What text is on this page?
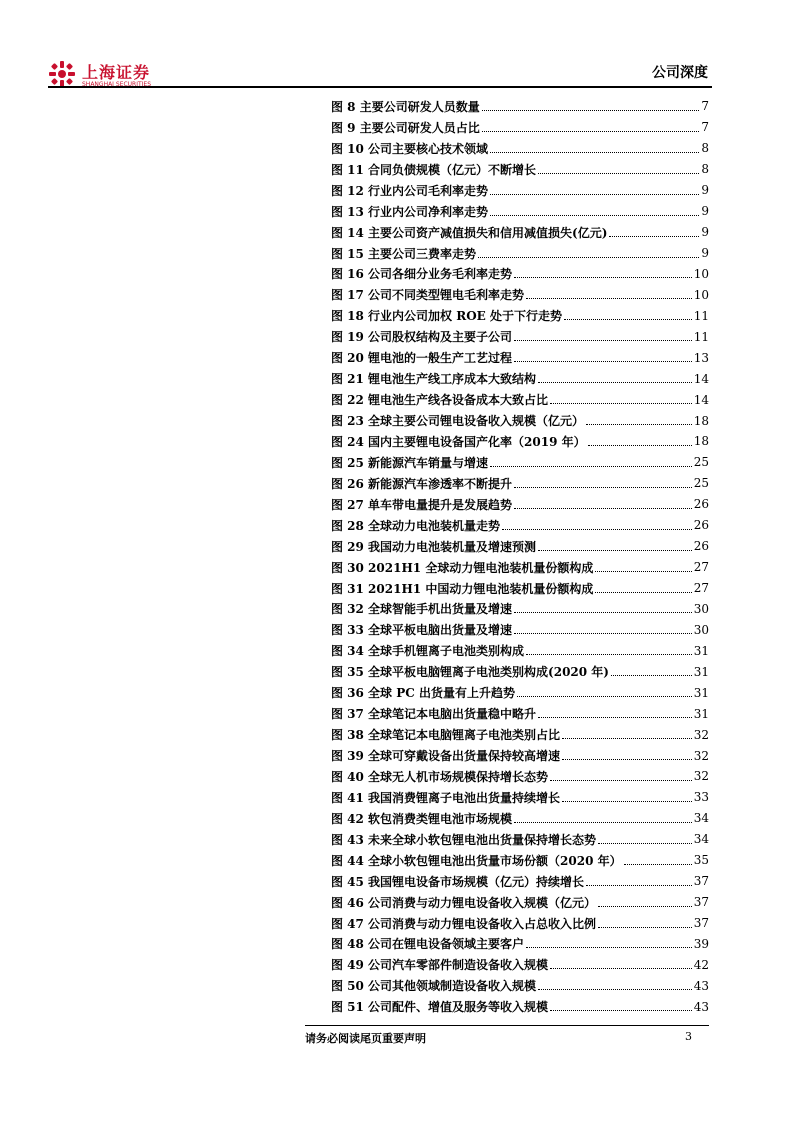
上海证券
SHANGHAI SECURITIES
公司深度
图 8 主要公司研发人员数量	7
图 9 主要公司研发人员占比	7
图 10 公司主要核心技术领域	8
图 11 合同负债规模（亿元）不断增长	8
图 12 行业内公司毛利率走势	9
图 13 行业内公司净利率走势	9
图 14 主要公司资产减值损失和信用减值损失(亿元)	9
图 15 主要公司三费率走势	9
图 16 公司各细分业务毛利率走势	10
图 17 公司不同类型锂电毛利率走势	10
图 18 行业内公司加权 ROE 处于下行走势	11
图 19 公司股权结构及主要子公司	11
图 20 锂电池的一般生产工艺过程	13
图 21 锂电池生产线工序成本大致结构	14
图 22 锂电池生产线各设备成本大致占比	14
图 23 全球主要公司锂电设备收入规模（亿元）	18
图 24 国内主要锂电设备国产化率（2019 年）	18
图 25 新能源汽车销量与增速	25
图 26 新能源汽车渗透率不断提升	25
图 27 单车带电量提升是发展趋势	26
图 28 全球动力电池装机量走势	26
图 29 我国动力电池装机量及增速预测	26
图 30 2021H1 全球动力锂电池装机量份额构成	27
图 31 2021H1 中国动力锂电池装机量份额构成	27
图 32 全球智能手机出货量及增速	30
图 33 全球平板电脑出货量及增速	30
图 34 全球手机锂离子电池类别构成	31
图 35 全球平板电脑锂离子电池类别构成(2020 年)	31
图 36 全球 PC 出货量有上升趋势	31
图 37 全球笔记本电脑出货量稳中略升	31
图 38 全球笔记本电脑锂离子电池类别占比	32
图 39 全球可穿戴设备出货量保持较高增速	32
图 40 全球无人机市场规模保持增长态势	32
图 41 我国消费锂离子电池出货量持续增长	33
图 42 软包消费类锂电池市场规模	34
图 43 未来全球小软包锂电池出货量保持增长态势	34
图 44 全球小软包锂电池出货量市场份额（2020 年）	35
图 45 我国锂电设备市场规模（亿元）持续增长	37
图 46 公司消费与动力锂电设备收入规模（亿元）	37
图 47 公司消费与动力锂电设备收入占总收入比例	37
图 48 公司在锂电设备领域主要客户	39
图 49 公司汽车零部件制造设备收入规模	42
图 50 公司其他领域制造设备收入规模	43
图 51 公司配件、增值及服务等收入规模	43
请务必阅读尾页重要声明	3
